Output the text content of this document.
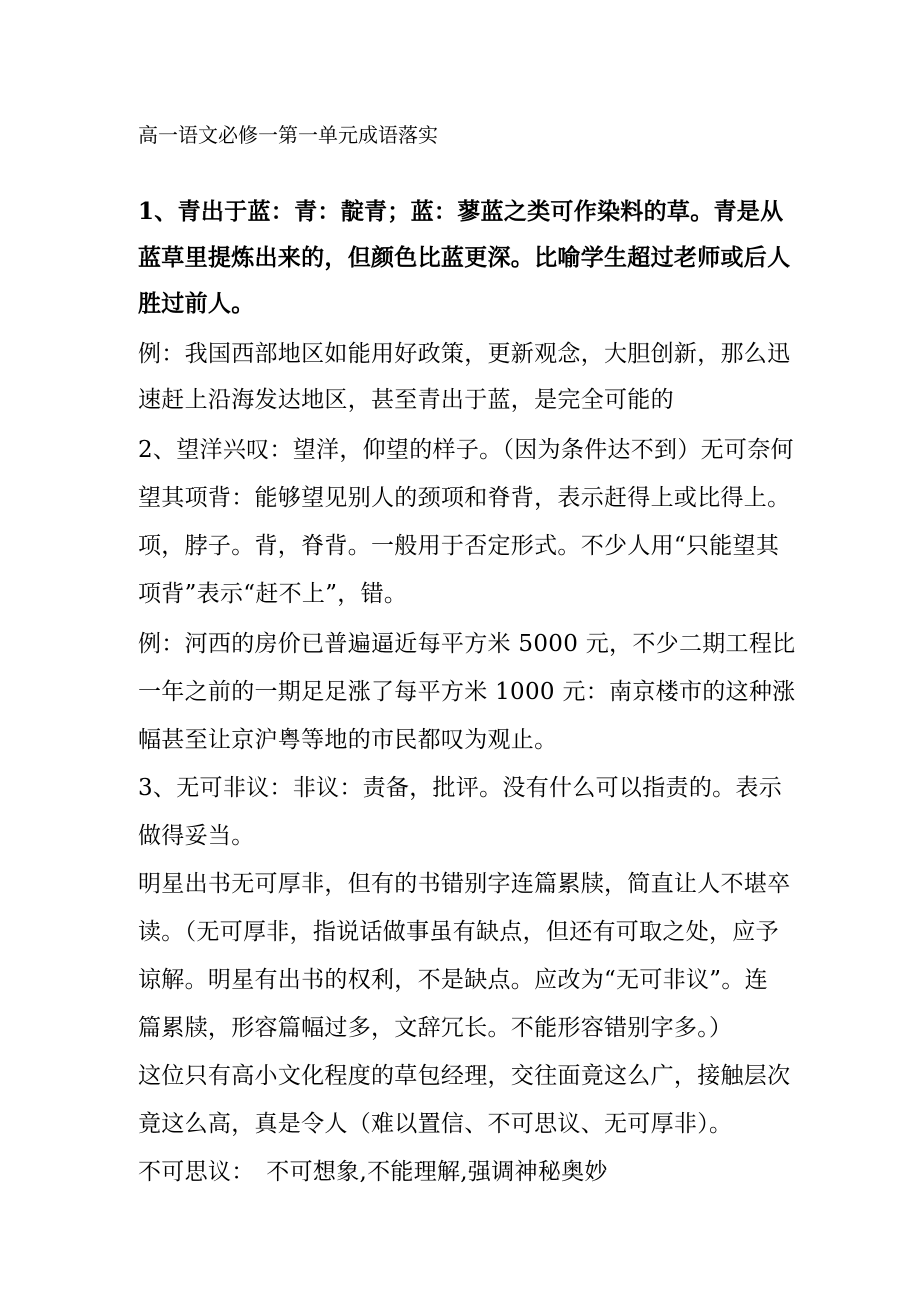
高一语文必修一第一单元成语落实
1、青出于蓝：青：靛青；蓝：蓼蓝之类可作染料的草。青是从
蓝草里提炼出来的，但颜色比蓝更深。比喻学生超过老师或后人
胜过前人。
例：我国西部地区如能用好政策，更新观念，大胆创新，那么迅
速赶上沿海发达地区，甚至青出于蓝，是完全可能的
2、望洋兴叹：望洋，仰望的样子。（因为条件达不到）无可奈何
望其项背：能够望见别人的颈项和脊背，表示赶得上或比得上。
项，脖子。背，脊背。一般用于否定形式。不少人用“只能望其
项背”表示“赶不上”，错。
例：河西的房价已普遍逼近每平方米 5000 元，不少二期工程比
一年之前的一期足足涨了每平方米 1000 元：南京楼市的这种涨
幅甚至让京沪粤等地的市民都叹为观止。
3、无可非议：非议：责备，批评。没有什么可以指责的。表示
做得妥当。
明星出书无可厚非，但有的书错别字连篇累牍，简直让人不堪卒
读。（无可厚非，指说话做事虽有缺点，但还有可取之处，应予
谅解。明星有出书的权利，不是缺点。应改为“无可非议”。连
篇累牍，形容篇幅过多，文辞冗长。不能形容错别字多。）
这位只有高小文化程度的草包经理，交往面竟这么广，接触层次
竟这么高，真是令人（难以置信、不可思议、无可厚非）。
不可思议：　不可想象,不能理解,强调神秘奥妙
